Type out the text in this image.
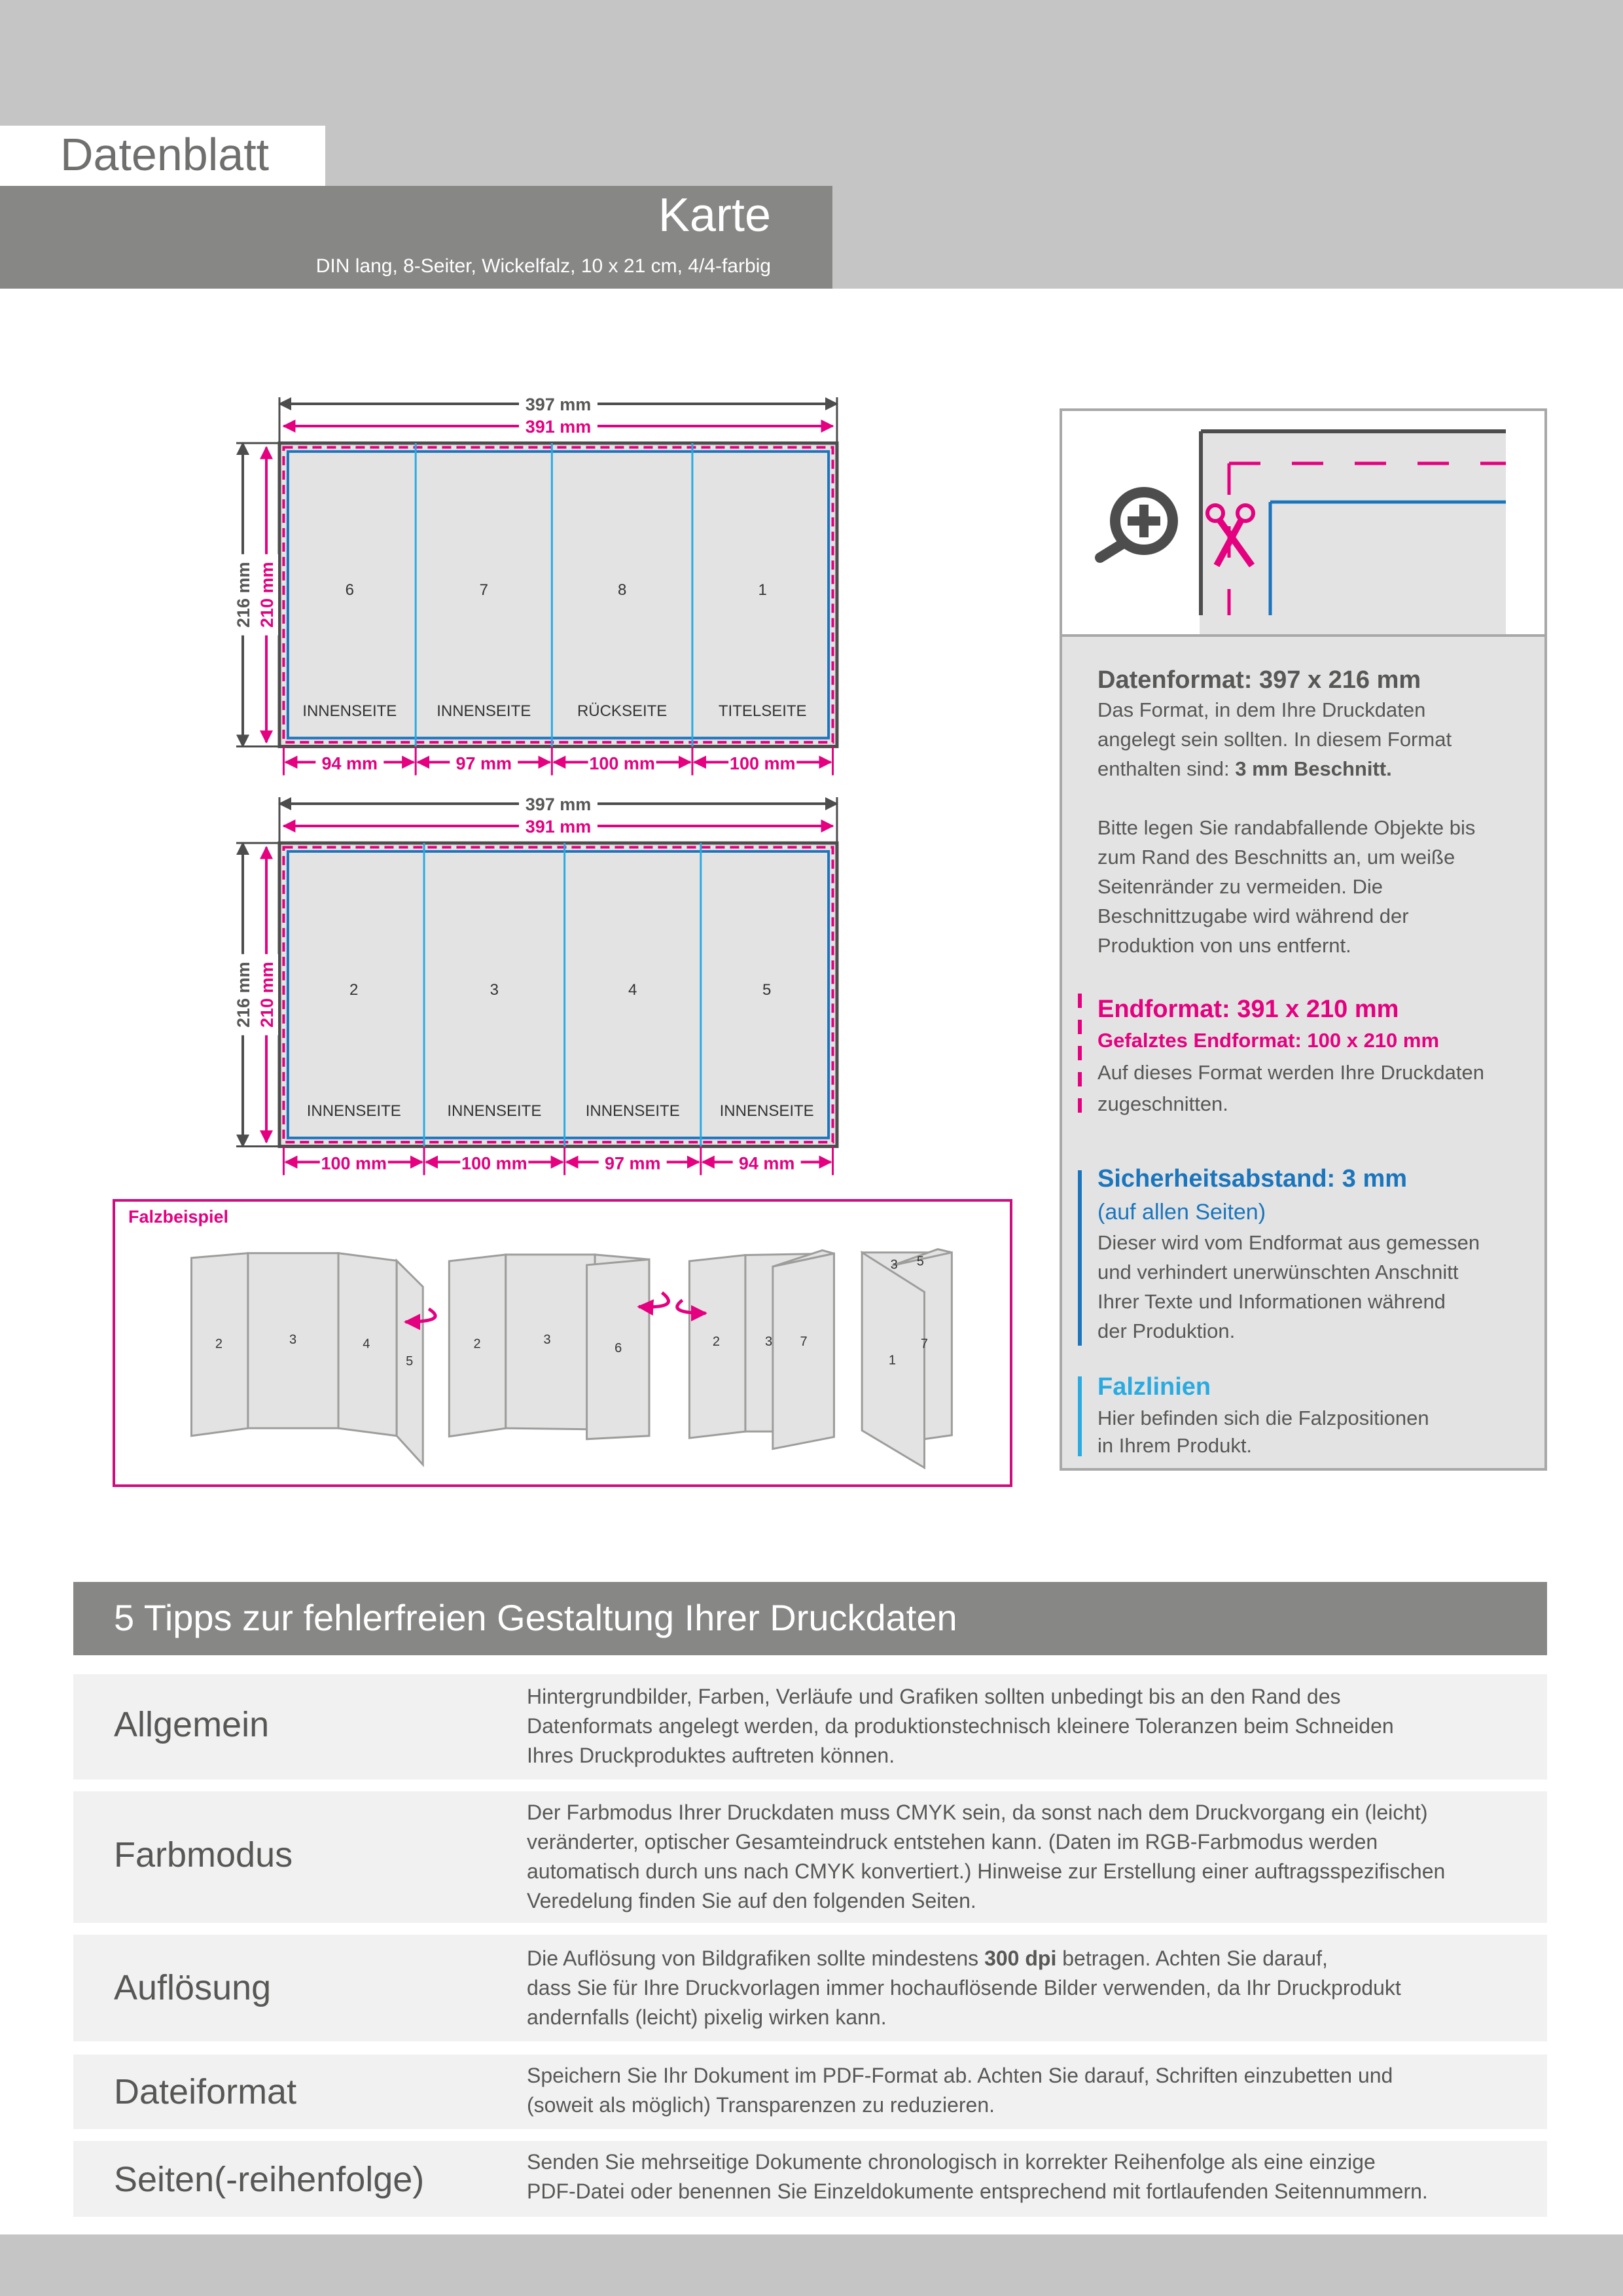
Datenblatt
Karte
DIN lang, 8-Seiter, Wickelfalz, 10 x 21 cm, 4/4-farbig
6
INNENSEITE
94 mm
7
INNENSEITE
97 mm
8
RÜCKSEITE
100 mm
1
TITELSEITE
100 mm
397 mm
391 mm
216 mm 210 mm
2
INNENSEITE
100 mm
3
INNENSEITE
100 mm
4
INNENSEITE
97 mm
5
INNENSEITE
94 mm
397 mm
391 mm
216 mm 210 mm
Falzbeispiel
2	3	4
5
2	3
6	2	3 7
1
7
3 5
Datenformat: 397 x 216 mm
Das Format, in dem Ihre Druckdaten
angelegt sein sollten. In diesem Format
enthalten sind: 3 mm Beschnitt.
Bitte legen Sie randabfallende Objekte bis
zum Rand des Beschnitts an, um weiße
Seitenränder zu vermeiden. Die
Beschnittzugabe wird während der
Produktion von uns entfernt.
Endformat: 391 x 210 mm
Gefalztes Endformat: 100 x 210 mm
Auf dieses Format werden Ihre Druckdaten
zugeschnitten.
Sicherheitsabstand: 3 mm
(auf allen Seiten)
Dieser wird vom Endformat aus gemessen
und verhindert unerwünschten Anschnitt
Ihrer Texte und Informationen während
der Produktion.
Falzlinien
Hier befinden sich die Falzpositionen
in Ihrem Produkt.
5 Tipps zur fehlerfreien Gestaltung Ihrer Druckdaten
Allgemein
Hintergrundbilder, Farben, Verläufe und Grafiken sollten unbedingt bis an den Rand des
Datenformats angelegt werden, da produktionstechnisch kleinere Toleranzen beim Schneiden
Ihres Druckproduktes auftreten können.
Farbmodus
Der Farbmodus Ihrer Druckdaten muss CMYK sein, da sonst nach dem Druckvorgang ein (leicht)
veränderter, optischer Gesamteindruck entstehen kann. (Daten im RGB-Farbmodus werden
automatisch durch uns nach CMYK konvertiert.) Hinweise zur Erstellung einer auftragsspezifischen
Veredelung finden Sie auf den folgenden Seiten.
Auflösung
Die Auflösung von Bildgrafiken sollte mindestens 300 dpi betragen. Achten Sie darauf,
dass Sie für Ihre Druckvorlagen immer hochauflösende Bilder verwenden, da Ihr Druckprodukt
andernfalls (leicht) pixelig wirken kann.
Dateiformat	Speichern Sie Ihr Dokument im PDF-Format ab. Achten Sie darauf, Schriften einzubetten und
(soweit als möglich) Transparenzen zu reduzieren.
Seiten(-reihenfolge)	Senden Sie mehrseitige Dokumente chronologisch in korrekter Reihenfolge als eine einzige
PDF-Datei oder benennen Sie Einzeldokumente entsprechend mit fortlaufenden Seitennummern.
